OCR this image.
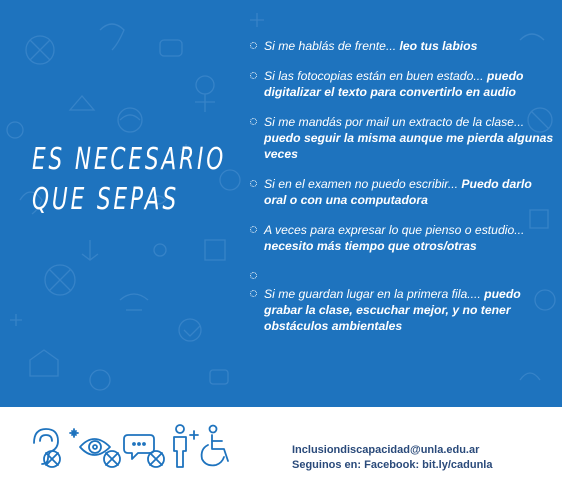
ES NECESARIO
QUE SEPAS
Si me hablás de frente... leo tus labios
Si las fotocopias están en buen estado... puedo digitalizar el texto para convertirlo en audio
Si me mandás por mail un extracto de la clase... puedo seguir la misma aunque me pierda algunas veces
Si en el examen no puedo escribir... Puedo darlo oral o con una computadora
A veces para expresar lo que pienso o estudio... necesito más tiempo que otros/otras
Si me guardan lugar en la primera fila.... puedo grabar la clase, escuchar mejor, y no tener obstáculos ambientales
Inclusiondiscapacidad@unla.edu.ar
Seguinos en: Facebook: bit.ly/cadunla
